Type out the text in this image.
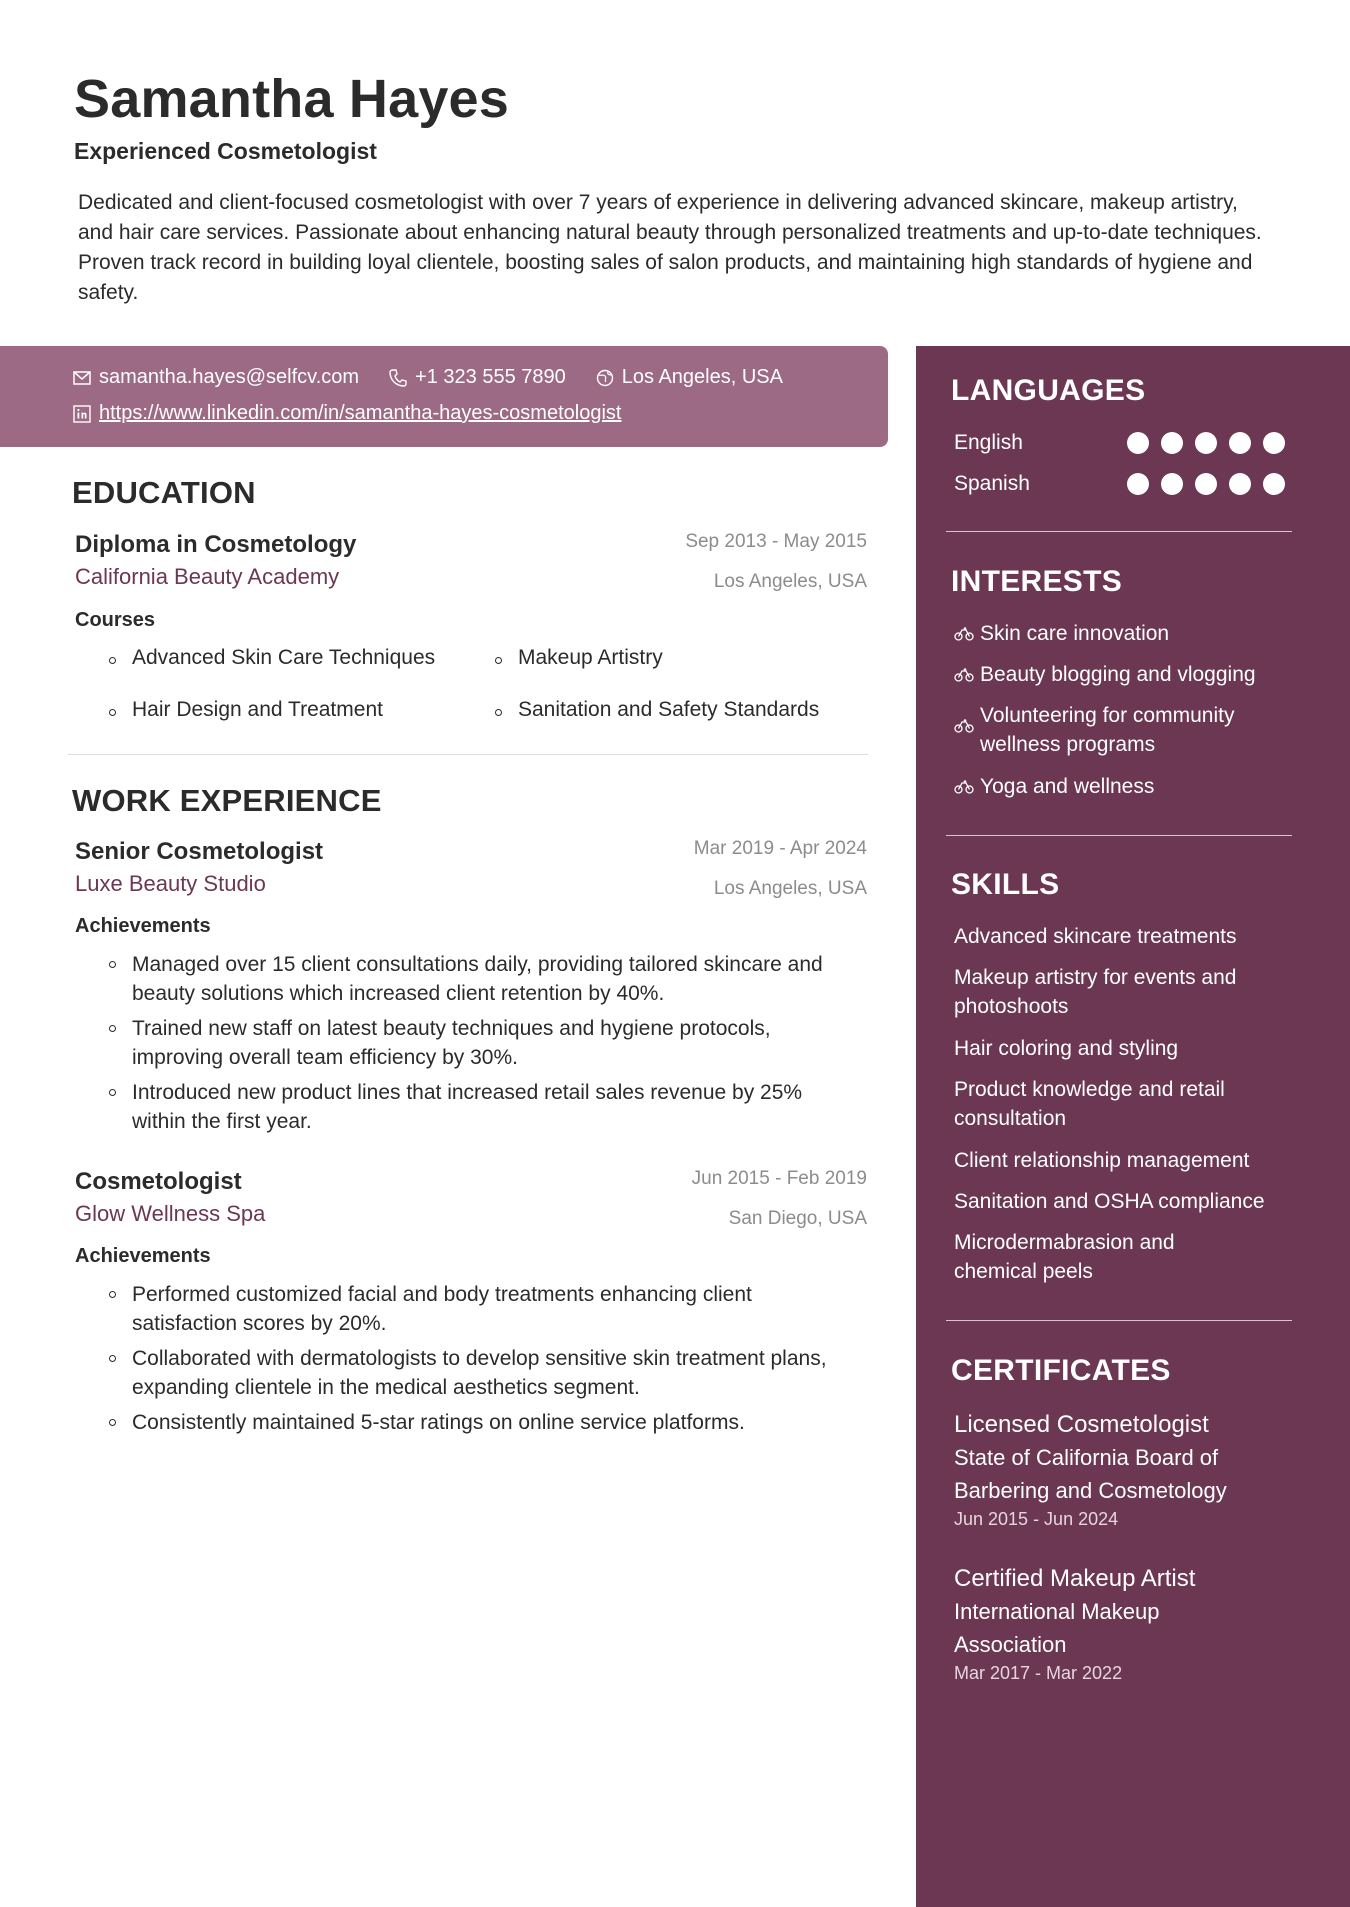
Samantha Hayes
Experienced Cosmetologist
Dedicated and client-focused cosmetologist with over 7 years of experience in delivering advanced skincare, makeup artistry, and hair care services. Passionate about enhancing natural beauty through personalized treatments and up-to-date techniques. Proven track record in building loyal clientele, boosting sales of salon products, and maintaining high standards of hygiene and safety.
samantha.hayes@selfcv.com	+1 323 555 7890	Los Angeles, USA
https://www.linkedin.com/in/samantha-hayes-cosmetologist
EDUCATION
Diploma in Cosmetology
California Beauty Academy
Sep 2013 - May 2015
Los Angeles, USA
Courses
Advanced Skin Care Techniques	Makeup Artistry
Hair Design and Treatment	Sanitation and Safety Standards
WORK EXPERIENCE
Senior Cosmetologist
Luxe Beauty Studio
Mar 2019 - Apr 2024
Los Angeles, USA
Achievements
Managed over 15 client consultations daily, providing tailored skincare and beauty solutions which increased client retention by 40%.
Trained new staff on latest beauty techniques and hygiene protocols, improving overall team efficiency by 30%.
Introduced new product lines that increased retail sales revenue by 25% within the first year.
Cosmetologist
Glow Wellness Spa
Jun 2015 - Feb 2019
San Diego, USA
Achievements
Performed customized facial and body treatments enhancing client satisfaction scores by 20%.
Collaborated with dermatologists to develop sensitive skin treatment plans, expanding clientele in the medical aesthetics segment.
Consistently maintained 5-star ratings on online service platforms.
LANGUAGES
English
Spanish
INTERESTS
Skin care innovation
Beauty blogging and vlogging
Volunteering for community wellness programs
Yoga and wellness
SKILLS
Advanced skincare treatments
Makeup artistry for events and photoshoots
Hair coloring and styling
Product knowledge and retail consultation
Client relationship management
Sanitation and OSHA compliance
Microdermabrasion and chemical peels
CERTIFICATES
Licensed Cosmetologist
State of California Board of Barbering and Cosmetology
Jun 2015 - Jun 2024
Certified Makeup Artist
International Makeup Association
Mar 2017 - Mar 2022
